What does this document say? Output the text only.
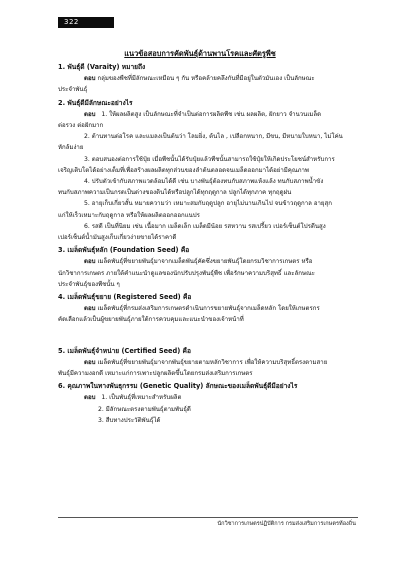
322
แนวข้อสอบการคัดพันธุ์ด้านพานโรคและศัตรูพืช

1. พันธุ์ดี (Varaity) หมายถึง

ตอบ กลุ่มของพืชที่มีลักษณะเหมือน ๆ กัน หรือคล้ายคลึงกันที่มีอยู่ในตัวมันเอง เป็นลักษณะ

ประจำพันธุ์

2. พันธุ์ดีมีลักษณะอย่างไร

ตอบ 1. ให้ผลผลิตสูง เป็นลักษณะที่จำเป็นต่อการผลิตพืช เช่น ผลผลิต, ฝักยาว จำนวนเมล็ด

ต่อรวง ต่อฝักมาก

2. ต้านทานต่อโรค และแมลงเป็นต้นว่า โลมยิ่ง, ต้นไล , เปลือกหนาก, มีขน, มีหนามใบหนา, ไม่โค่น

หักล้มง่าย

3. ตอบสนองต่อการใช้ปุ๋ย เมื่อพืชนั้นได้รับปุ๋ยแล้วพืชนั้นสามารถใช้ปุ๋ยให้เกิดประโยชน์สำหรับการ

เจริญเติบโตได้อย่างเต็มที่เพื่อสร้างผลผลิตทุกส่วนของลำต้นตลอดจนเมล็ดออกมาได้อย่ามีคุณภาพ

4. ปรับตัวเข้ากับสภาพแวดล้อมได้ดี เช่น บางพันธุ์ต้องทนกับสภาพแห้งแล้ง ทนกับสภาพน้ำขัง

ทนกับสภาพความเป็นกรดเป็นด่างของดินได้หรือปลูกได้ทุกฤดูกาล ปลูกได้ทุกภาค ทุกฤดูฝน

5. อายุเก็บเกี่ยวสั้น หมายความว่า เหมาะสมกับฤดูปลูก อายุไม่นานเกินไป จนข้าวฤดูกาล อายุสุก

แก่ให้เร็วเหมาะกับฤดูกาล หรือให้ผลผลิตออกออกแนปร

6. รสดี เป็นที่นิยม เช่น เนื้อมาก เมล็ดเล็ก เมล็ดมีน้อย รสหวาน รสเปรี้ยว เปอร์เซ็นต์โปรตีนสูง

เปอร์เซ็นต์น้ำมันสูงเก็บเกี่ยวง่ายขายได้ราคาดี

3. เมล็ดพันธุ์หลัก (Foundation Seed) คือ

ตอบ เมล็ดพันธุ์ที่ขยายพันธุ์มาจากเมล็ดพันธุ์คัดซึ่งขยายพันธุ์โดยกรมวิชาการเกษตร หรือ

นักวิชาการเกษตร ภายใต้คำแนะนำดูแลของนักปรับปรุงพันธุ์พืช เพื่อรักษาความบริสุทธิ์ และลักษณะ

ประจำพันธุ์ของพืชนั้น ๆ

4. เมล็ดพันธุ์ขยาย (Registered Seed) คือ

ตอบ เมล็ดพันธุ์ที่กรมส่งเสริมการเกษตรดำเนินการขยายพันธุ์จากเมล็ดหลัก โดยให้เกษตรกร

คัดเลือกแล้วเป็นผู้ขยายพันธุ์ภายใต้การควบคุมและแนะนำของเจ้าหน้าที่

5. เมล็ดพันธุ์จำหน่าย (Certified Seed) คือ

ตอบ เมล็ดพันธุ์ที่ขยายพันธุ์มาจากพันธุ์ขยายตามหลักวิชาการ เพื่อให้ความบริสุทธิ์ตรงตามสาย

พันธุ์มีความงอกดี เหมาะแก่การเพาะปลูกผลิตขึ้นโดยกรมส่งเสริมการเกษตร

6. คุณภาพในทางพันธุกรรม (Genetic Quality) ลักษณะของเมล็ดพันธุ์ดีมีอย่างไร

ตอบ 1. เป็นพันธุ์ที่เหมาะสำหรับผลิต

2. มีลักษณะตรงตามพันธุ์ตามพันธุ์ดี

3. สืบทางประวัติพันธุ์ได้

นักวิชาการเกษตรปฏิบัติการ กรมส่งเสริมการเกษตรท้องถิ่น
